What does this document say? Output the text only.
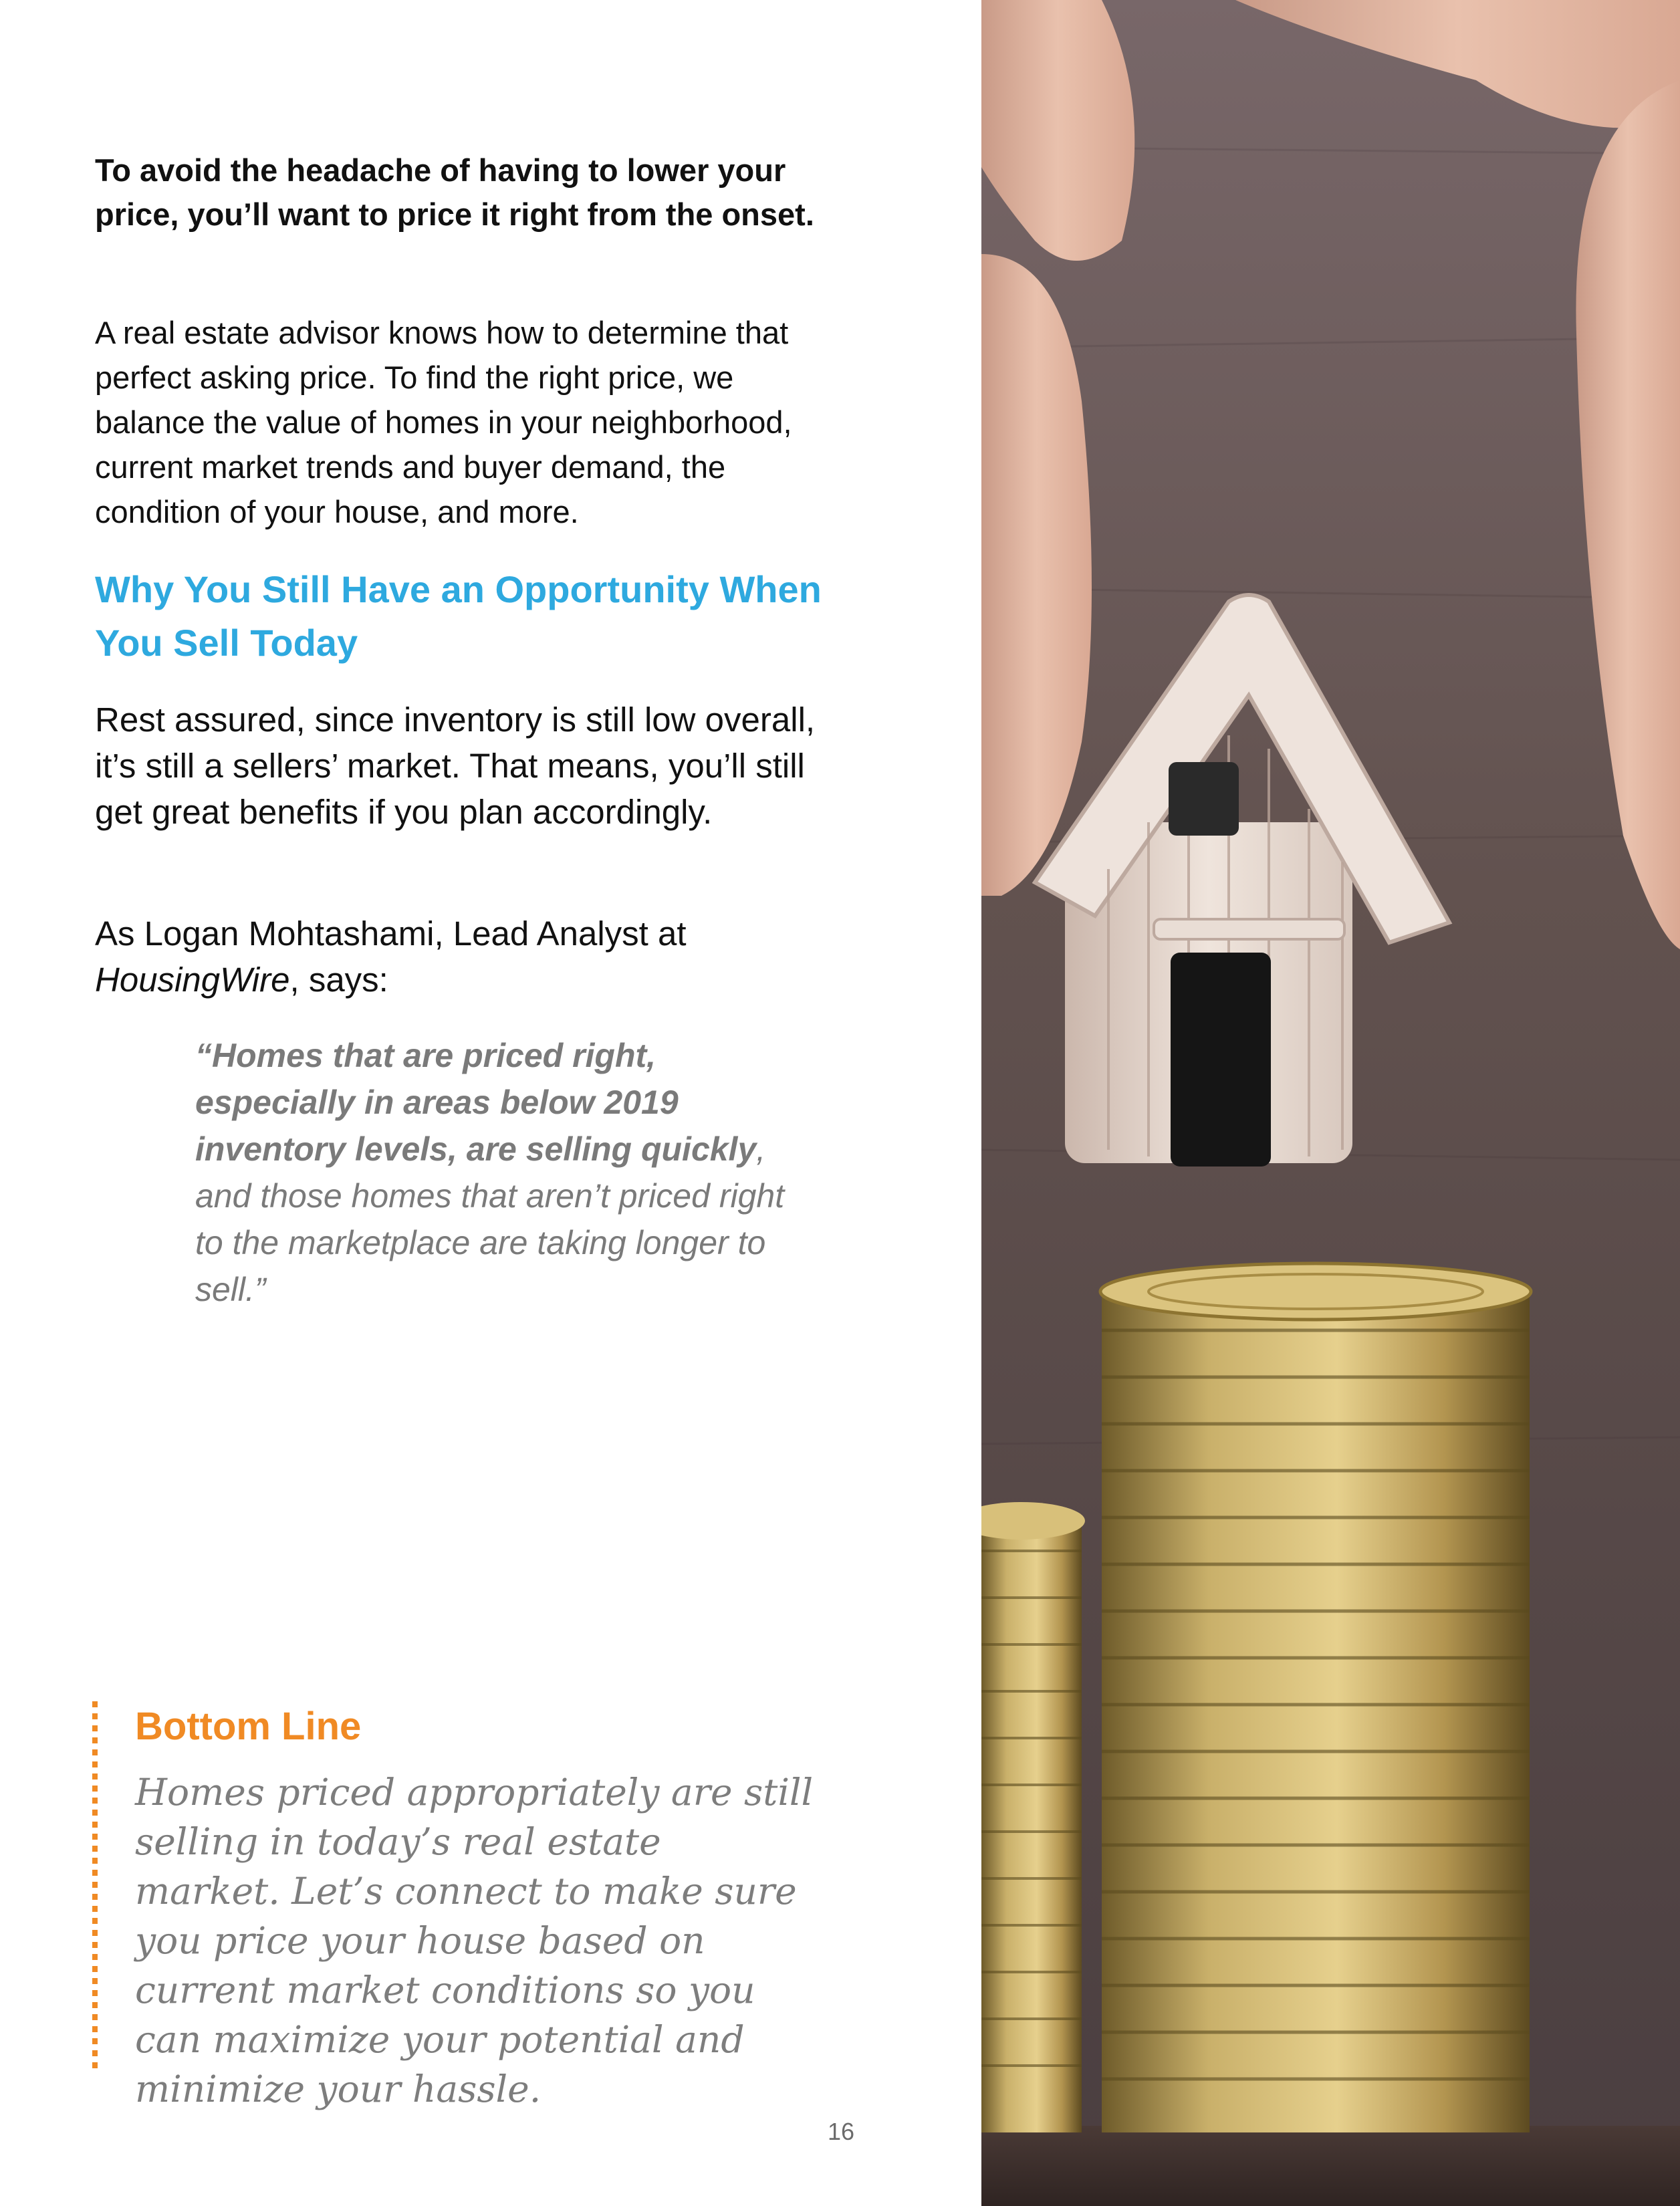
To avoid the headache of having to lower your price, you’ll want to price it right from the onset.

A real estate advisor knows how to determine that perfect asking price. To find the right price, we balance the value of homes in your neighborhood, current market trends and buyer demand, the condition of your house, and more.

Why You Still Have an Opportunity When You Sell Today

Rest assured, since inventory is still low overall, it’s still a sellers’ market. That means, you’ll still get great benefits if you plan accordingly.

As Logan Mohtashami, Lead Analyst at HousingWire, says:

“Homes that are priced right, especially in areas below 2019 inventory levels, are selling quickly, and those homes that aren’t priced right to the marketplace are taking longer to sell.”

Bottom Line

Homes priced appropriately are still selling in today’s real estate market. Let’s connect to make sure you price your house based on current market conditions so you can maximize your potential and minimize your hassle.

16
